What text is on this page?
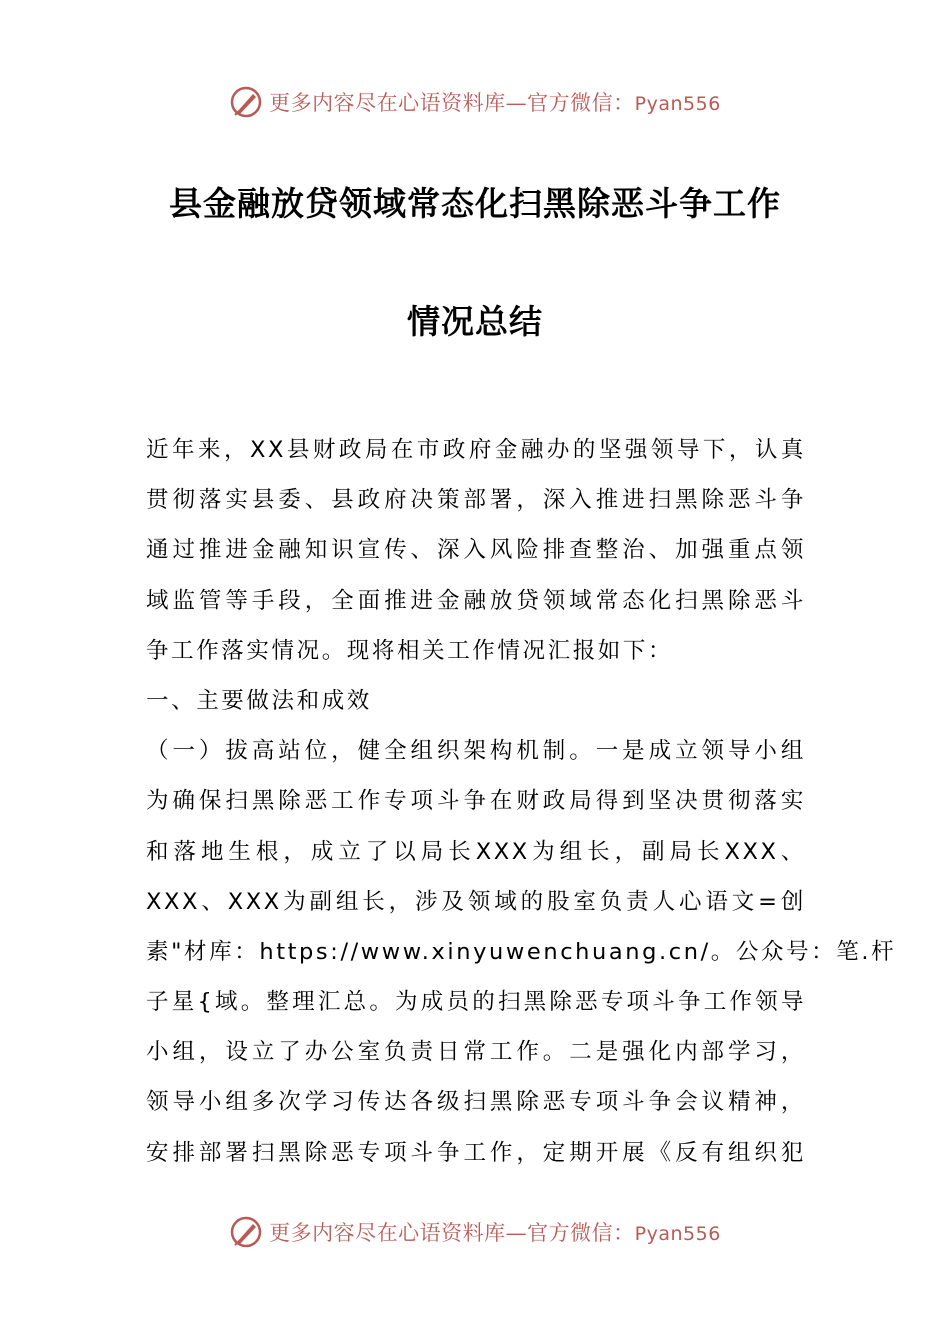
更多内容尽在心语资料库—官方微信：Pyan556
县金融放贷领域常态化扫黑除恶斗争工作
情况总结
近年来，XX县财政局在市政府金融办的坚强领导下，认真
贯彻落实县委、县政府决策部署，深入推进扫黑除恶斗争
通过推进金融知识宣传、深入风险排查整治、加强重点领
域监管等手段，全面推进金融放贷领域常态化扫黑除恶斗
争工作落实情况。现将相关工作情况汇报如下：
一、主要做法和成效
（一）拔高站位，健全组织架构机制。一是成立领导小组
为确保扫黑除恶工作专项斗争在财政局得到坚决贯彻落实
和落地生根，成立了以局长XXX为组长，副局长XXX、
XXX、XXX为副组长，涉及领域的股室负责人心语文=创
素"材库：https://www.xinyuwenchuang.cn/。公众号：笔.杆
子星{域。整理汇总。为成员的扫黑除恶专项斗争工作领导
小组，设立了办公室负责日常工作。二是强化内部学习，
领导小组多次学习传达各级扫黑除恶专项斗争会议精神，
安排部署扫黑除恶专项斗争工作，定期开展《反有组织犯
更多内容尽在心语资料库—官方微信：Pyan556
